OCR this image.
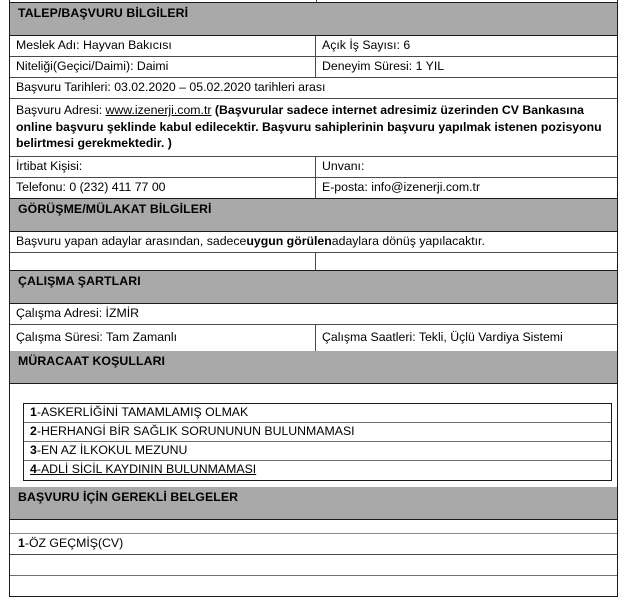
TALEP/BAŞVURU BİLGİLERİ
Meslek Adı: Hayvan Bakıcısı	Açık İş Sayısı: 6
Niteliği(Geçici/Daimi): Daimi	Deneyim Süresi: 1 YIL
Başvuru Tarihleri: 03.02.2020 – 05.02.2020 tarihleri arası
Başvuru Adresi: www.izenerji.com.tr (Başvurular sadece internet adresimiz üzerinden CV Bankasına online başvuru şeklinde kabul edilecektir. Başvuru sahiplerinin başvuru yapılmak istenen pozisyonu belirtmesi gerekmektedir. )
İrtibat Kişisi:	Unvanı:
Telefonu: 0 (232) 411 77 00	E-posta: info@izenerji.com.tr
GÖRÜŞME/MÜLAKAT BİLGİLERİ
Başvuru yapan adaylar arasından, sadece uygun görülen adaylara dönüş yapılacaktır.
ÇALIŞMA ŞARTLARI
Çalışma Adresi: İZMİR
Çalışma Süresi: Tam Zamanlı	Çalışma Saatleri: Tekli, Üçlü Vardiya Sistemi
MÜRACAAT KOŞULLARI
1-ASKERLİĞİNİ TAMAMLAMIŞ OLMAK
2-HERHANGİ BİR SAĞLIK SORUNUNUN BULUNMAMASI
3-EN AZ İLKOKUL MEZUNU
4-ADLİ SİCİL KAYDININ BULUNMAMASI
BAŞVURU İÇİN GEREKLİ BELGELER
1 -ÖZ GEÇMİŞ(CV)
